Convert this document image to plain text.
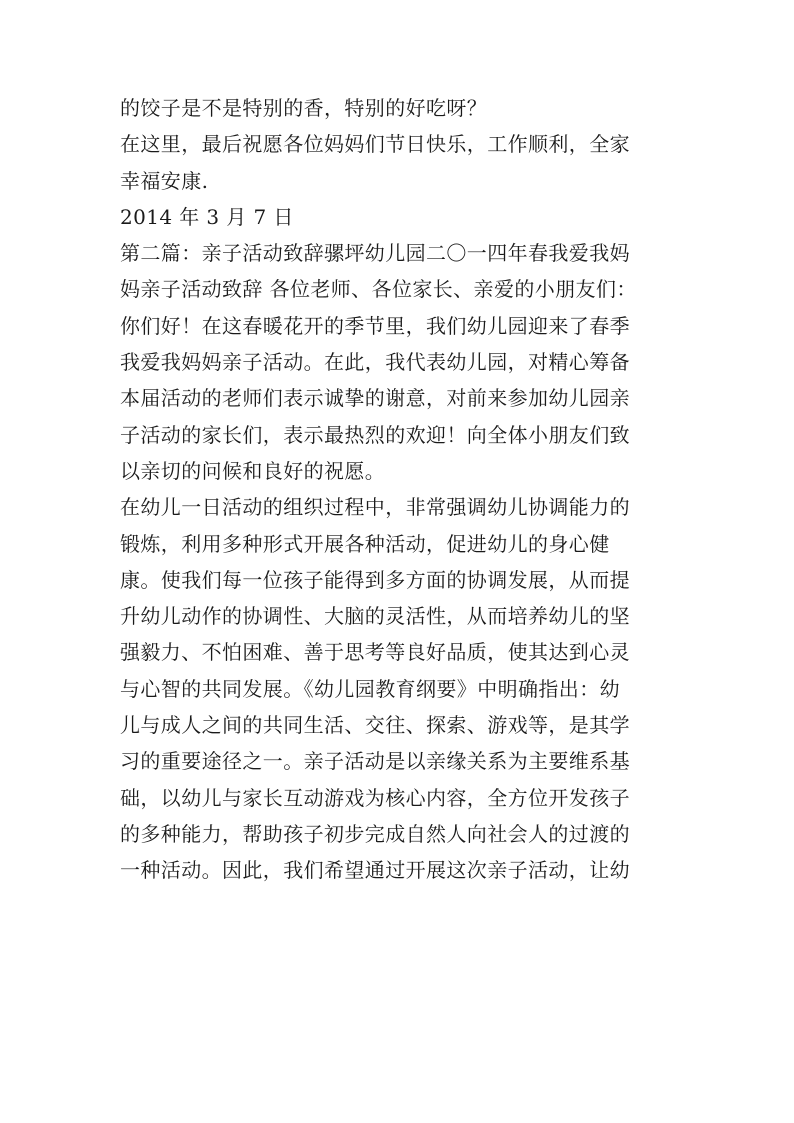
的饺子是不是特别的香，特别的好吃呀？
在这里，最后祝愿各位妈妈们节日快乐，工作顺利，全家
幸福安康.
2014 年 3 月 7 日
第二篇：亲子活动致辞骡坪幼儿园二〇一四年春我爱我妈
妈亲子活动致辞 各位老师、各位家长、亲爱的小朋友们：
你们好！在这春暖花开的季节里，我们幼儿园迎来了春季
我爱我妈妈亲子活动。在此，我代表幼儿园，对精心筹备
本届活动的老师们表示诚挚的谢意，对前来参加幼儿园亲
子活动的家长们，表示最热烈的欢迎！向全体小朋友们致
以亲切的问候和良好的祝愿。
在幼儿一日活动的组织过程中，非常强调幼儿协调能力的
锻炼，利用多种形式开展各种活动，促进幼儿的身心健
康。使我们每一位孩子能得到多方面的协调发展，从而提
升幼儿动作的协调性、大脑的灵活性，从而培养幼儿的坚
强毅力、不怕困难、善于思考等良好品质，使其达到心灵
与心智的共同发展。《幼儿园教育纲要》中明确指出：幼
儿与成人之间的共同生活、交往、探索、游戏等，是其学
习的重要途径之一。亲子活动是以亲缘关系为主要维系基
础，以幼儿与家长互动游戏为核心内容，全方位开发孩子
的多种能力，帮助孩子初步完成自然人向社会人的过渡的
一种活动。因此，我们希望通过开展这次亲子活动，让幼
